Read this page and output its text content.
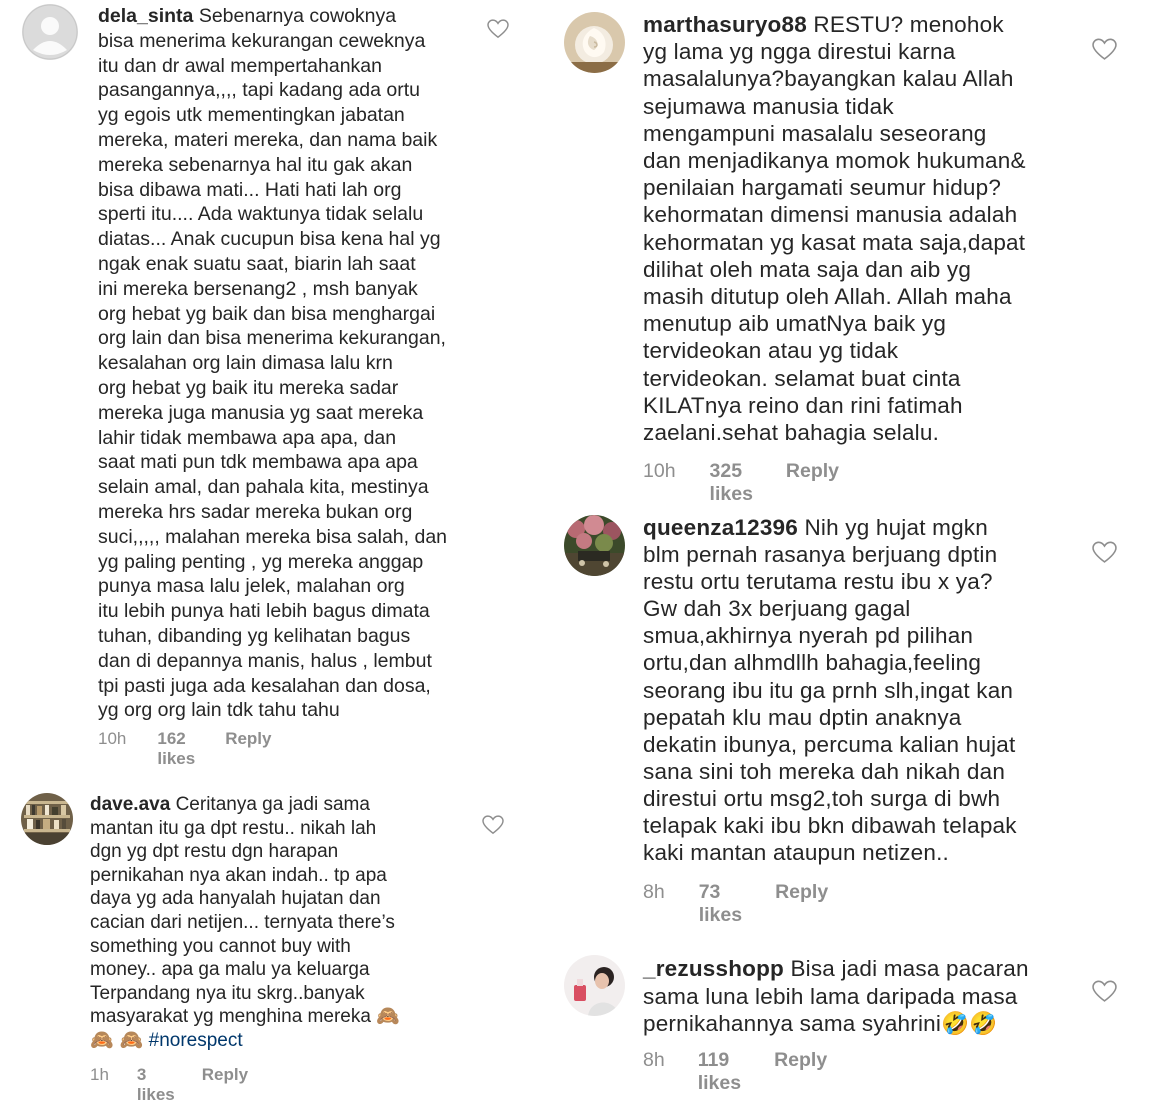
dela_sinta Sebenarnya cowoknya
bisa menerima kekurangan ceweknya
itu dan dr awal mempertahankan
pasangannya,,,, tapi kadang ada ortu
yg egois utk mementingkan jabatan
mereka, materi mereka, dan nama baik
mereka sebenarnya hal itu gak akan
bisa dibawa mati... Hati hati lah org
sperti itu.... Ada waktunya tidak selalu
diatas... Anak cucupun bisa kena hal yg
ngak enak suatu saat, biarin lah saat
ini mereka bersenang2 , msh banyak
org hebat yg baik dan bisa menghargai
org lain dan bisa menerima kekurangan,
kesalahan org lain dimasa lalu krn
org hebat yg baik itu mereka sadar
mereka juga manusia yg saat mereka
lahir tidak membawa apa apa, dan
saat mati pun tdk membawa apa apa
selain amal, dan pahala kita, mestinya
mereka hrs sadar mereka bukan org
suci,,,,, malahan mereka bisa salah, dan
yg paling penting , yg mereka anggap
punya masa lalu jelek, malahan org
itu lebih punya hati lebih bagus dimata
tuhan, dibanding yg kelihatan bagus
dan di depannya manis, halus , lembut
tpi pasti juga ada kesalahan dan dosa,
yg org org lain tdk tahu tahu
10h 162 likes
Reply
dave.ava Ceritanya ga jadi sama
mantan itu ga dpt restu.. nikah lah
dgn yg dpt restu dgn harapan
pernikahan nya akan indah.. tp apa
daya yg ada hanyalah hujatan dan
cacian dari netijen... ternyata there’s
something you cannot buy with
money.. apa ga malu ya keluarga
Terpandang nya itu skrg..banyak
masyarakat yg menghina mereka 🙈
🙈 🙈 #norespect
1h 3 likes
Reply
marthasuryo88 RESTU? menohok
yg lama yg ngga direstui karna
masalalunya?bayangkan kalau Allah
sejumawa manusia tidak
mengampuni masalalu seseorang
dan menjadikanya momok hukuman&
penilaian hargamati seumur hidup?
kehormatan dimensi manusia adalah
kehormatan yg kasat mata saja,dapat
dilihat oleh mata saja dan aib yg
masih ditutup oleh Allah. Allah maha
menutup aib umatNya baik yg
tervideokan atau yg tidak
tervideokan. selamat buat cinta
KILATnya reino dan rini fatimah
zaelani.sehat bahagia selalu.
10h 325 likes
Reply
queenza12396 Nih yg hujat mgkn
blm pernah rasanya berjuang dptin
restu ortu terutama restu ibu x ya?
Gw dah 3x berjuang gagal
smua,akhirnya nyerah pd pilihan
ortu,dan alhmdllh bahagia,feeling
seorang ibu itu ga prnh slh,ingat kan
pepatah klu mau dptin anaknya
dekatin ibunya, percuma kalian hujat
sana sini toh mereka dah nikah dan
direstui ortu msg2,toh surga di bwh
telapak kaki ibu bkn dibawah telapak
kaki mantan ataupun netizen..
8h 73 likes
Reply
_rezusshopp Bisa jadi masa pacaran
sama luna lebih lama daripada masa
pernikahannya sama syahrini🤣🤣
8h 119 likes
Reply
